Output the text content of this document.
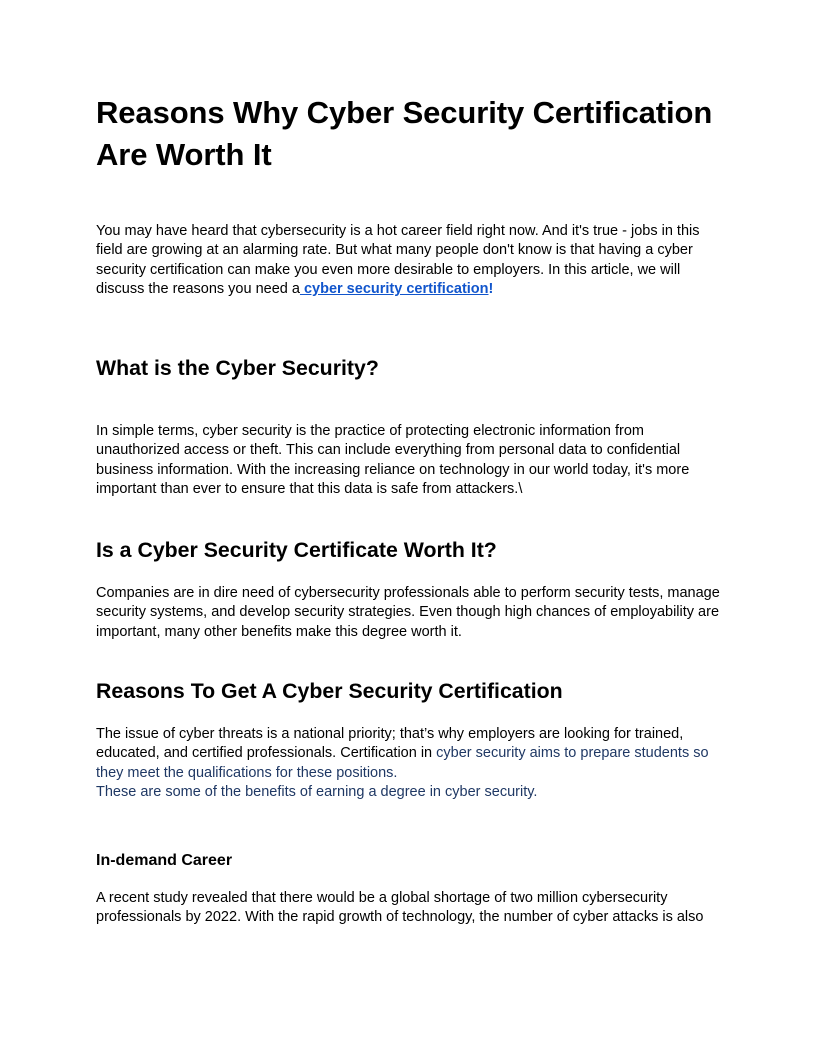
Reasons Why Cyber Security Certification Are Worth It

You may have heard that cybersecurity is a hot career field right now. And it's true - jobs in this field are growing at an alarming rate. But what many people don't know is that having a cyber security certification can make you even more desirable to employers. In this article, we will discuss the reasons you need a cyber security certification!

What is the Cyber Security?

In simple terms, cyber security is the practice of protecting electronic information from unauthorized access or theft. This can include everything from personal data to confidential business information. With the increasing reliance on technology in our world today, it's more important than ever to ensure that this data is safe from attackers.\

Is a Cyber Security Certificate Worth It?

Companies are in dire need of cybersecurity professionals able to perform security tests, manage security systems, and develop security strategies. Even though high chances of employability are important, many other benefits make this degree worth it.

Reasons To Get A Cyber Security Certification

The issue of cyber threats is a national priority; that’s why employers are looking for trained, educated, and certified professionals. Certification in cyber security aims to prepare students so they meet the qualifications for these positions.
These are some of the benefits of earning a degree in cyber security.

In-demand Career

A recent study revealed that there would be a global shortage of two million cybersecurity professionals by 2022. With the rapid growth of technology, the number of cyber attacks is also
